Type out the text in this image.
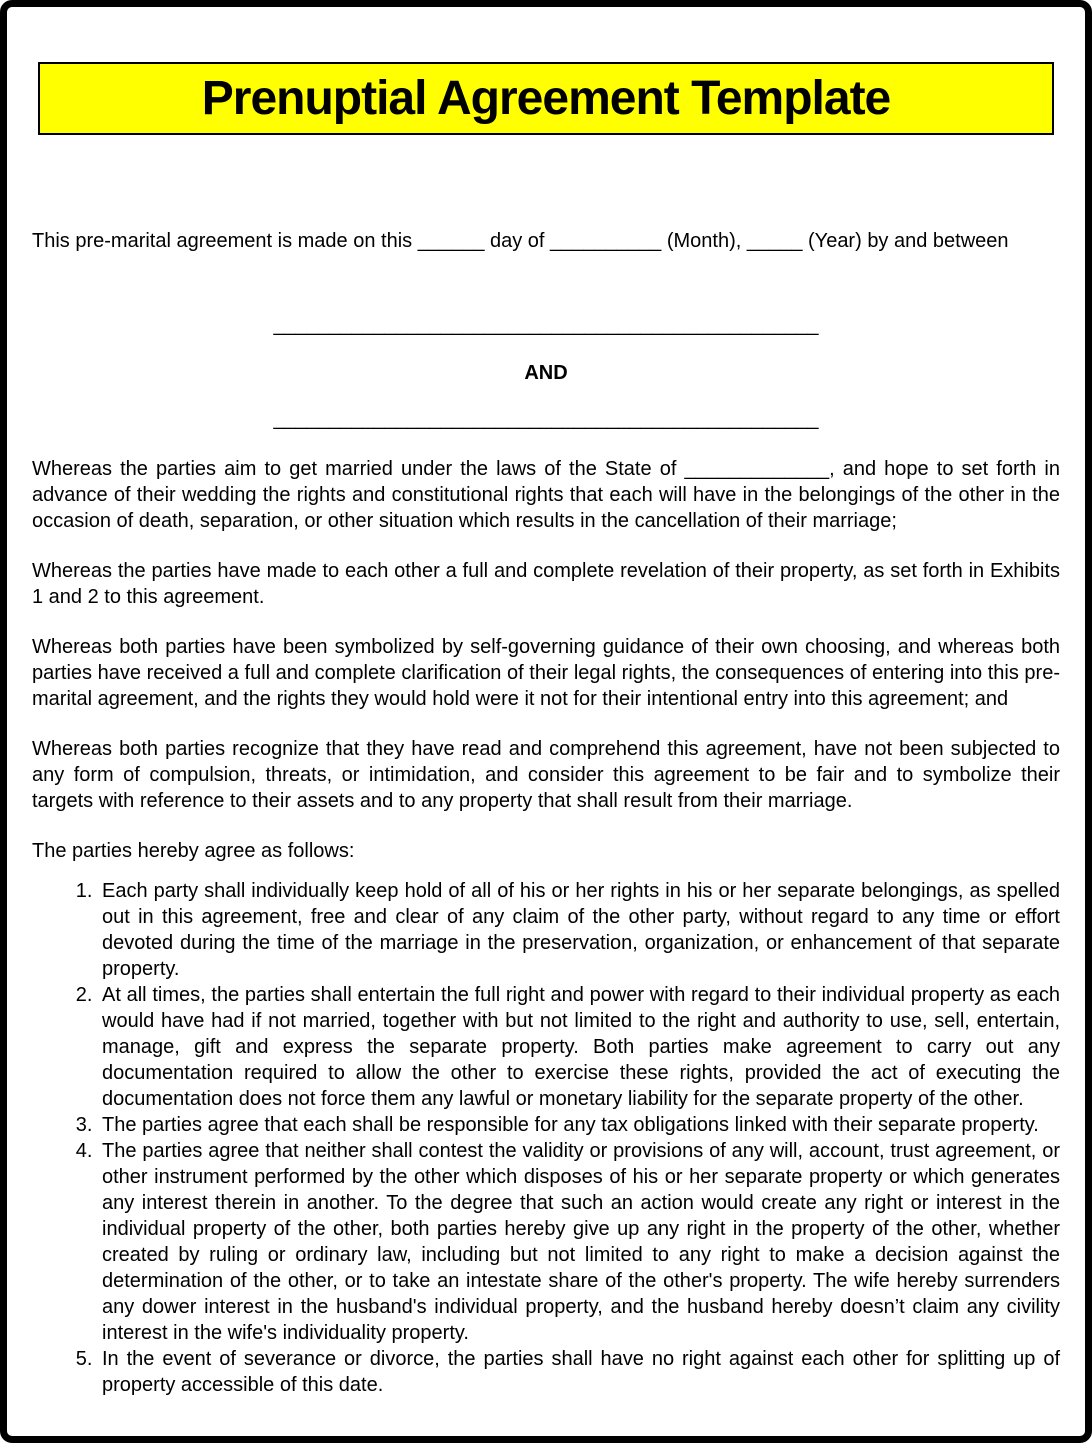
Prenuptial Agreement Template

This pre-marital agreement is made on this ______ day of __________ (Month), _____ (Year) by and between

_________________________________________________
AND
_________________________________________________

Whereas the parties aim to get married under the laws of the State of _____________, and hope to set forth in advance of their wedding the rights and constitutional rights that each will have in the belongings of the other in the occasion of death, separation, or other situation which results in the cancellation of their marriage;

Whereas the parties have made to each other a full and complete revelation of their property, as set forth in Exhibits 1 and 2 to this agreement.

Whereas both parties have been symbolized by self-governing guidance of their own choosing, and whereas both parties have received a full and complete clarification of their legal rights, the consequences of entering into this pre-marital agreement, and the rights they would hold were it not for their intentional entry into this agreement; and

Whereas both parties recognize that they have read and comprehend this agreement, have not been subjected to any form of compulsion, threats, or intimidation, and consider this agreement to be fair and to symbolize their targets with reference to their assets and to any property that shall result from their marriage.

The parties hereby agree as follows:

1. Each party shall individually keep hold of all of his or her rights in his or her separate belongings, as spelled out in this agreement, free and clear of any claim of the other party, without regard to any time or effort devoted during the time of the marriage in the preservation, organization, or enhancement of that separate property.
2. At all times, the parties shall entertain the full right and power with regard to their individual property as each would have had if not married, together with but not limited to the right and authority to use, sell, entertain, manage, gift and express the separate property. Both parties make agreement to carry out any documentation required to allow the other to exercise these rights, provided the act of executing the documentation does not force them any lawful or monetary liability for the separate property of the other.
3. The parties agree that each shall be responsible for any tax obligations linked with their separate property.
4. The parties agree that neither shall contest the validity or provisions of any will, account, trust agreement, or other instrument performed by the other which disposes of his or her separate property or which generates any interest therein in another. To the degree that such an action would create any right or interest in the individual property of the other, both parties hereby give up any right in the property of the other, whether created by ruling or ordinary law, including but not limited to any right to make a decision against the determination of the other, or to take an intestate share of the other's property. The wife hereby surrenders any dower interest in the husband's individual property, and the husband hereby doesn’t claim any civility interest in the wife's individuality property.
5. In the event of severance or divorce, the parties shall have no right against each other for splitting up of property accessible of this date.
